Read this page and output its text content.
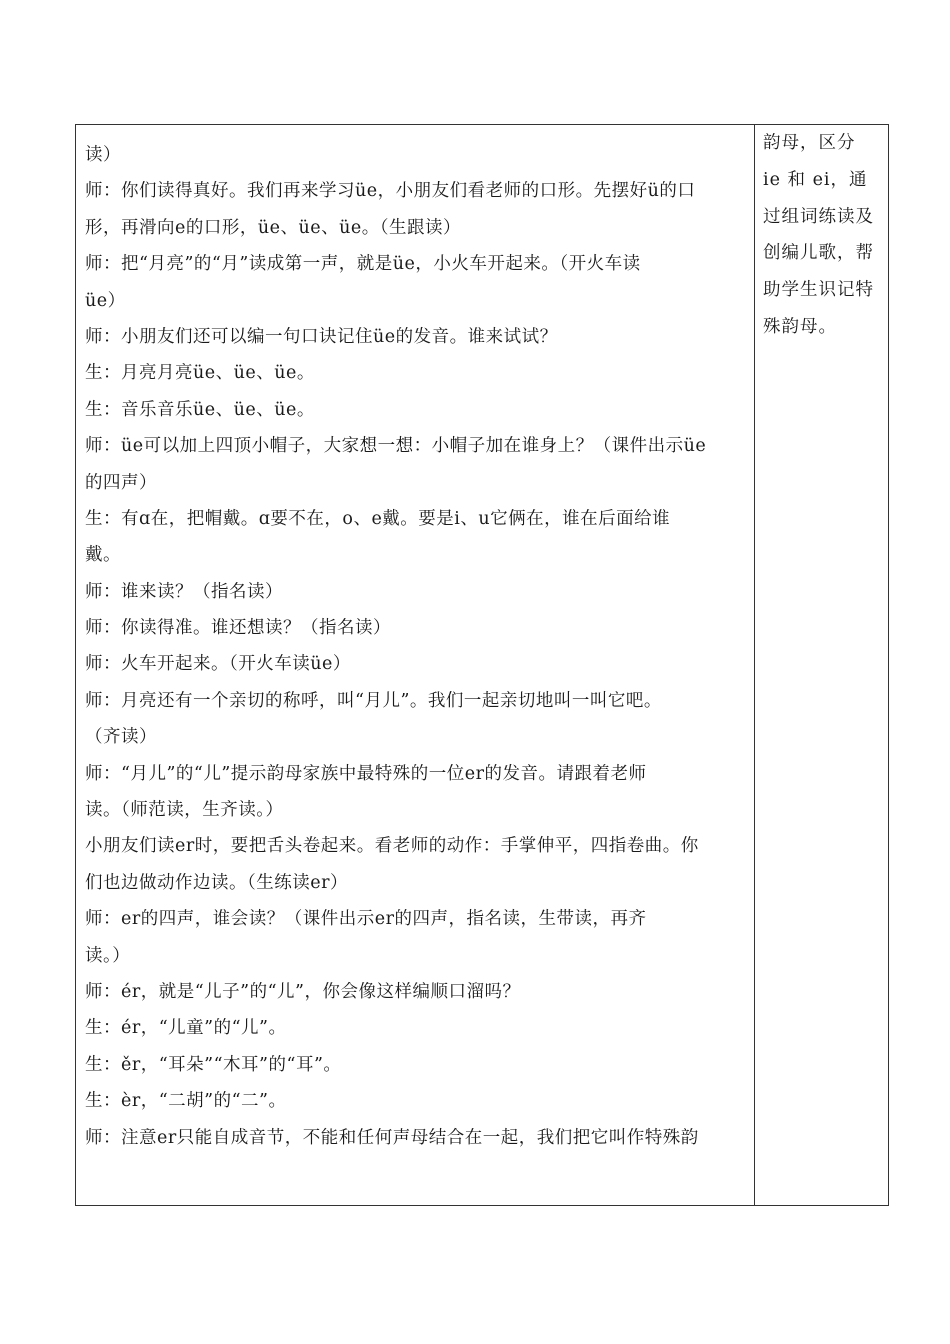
读）
师：你们读得真好。我们再来学习üe，小朋友们看老师的口形。先摆好ü的口
形，再滑向e的口形，üe、üe、üe。（生跟读）
师：把“月亮”的“月”读成第一声，就是üe，小火车开起来。（开火车读
üe）
师：小朋友们还可以编一句口诀记住üe的发音。谁来试试？
生：月亮月亮üe、üe、üe。
生：音乐音乐üe、üe、üe。
师：üe可以加上四顶小帽子，大家想一想：小帽子加在谁身上？（课件出示üe
的四声）
生：有ɑ在，把帽戴。ɑ要不在，o、e戴。要是i、u它俩在，谁在后面给谁
戴。
师：谁来读？（指名读）
师：你读得准。谁还想读？（指名读）
师：火车开起来。（开火车读üe）
师：月亮还有一个亲切的称呼，叫“月儿”。我们一起亲切地叫一叫它吧。
（齐读）
师：“月儿”的“儿”提示韵母家族中最特殊的一位er的发音。请跟着老师
读。（师范读，生齐读。）
小朋友们读er时，要把舌头卷起来。看老师的动作：手掌伸平，四指卷曲。你
们也边做动作边读。（生练读er）
师：er的四声，谁会读？（课件出示er的四声，指名读，生带读，再齐
读。）
师：ér，就是“儿子”的“儿”，你会像这样编顺口溜吗？
生：ér，“儿童”的“儿”。
生：ěr，“耳朵”“木耳”的“耳”。
生：èr，“二胡”的“二”。
师：注意er只能自成音节，不能和任何声母结合在一起，我们把它叫作特殊韵
韵母，区分
ie 和 ei，通
过组词练读及
创编儿歌，帮
助学生识记特
殊韵母。
